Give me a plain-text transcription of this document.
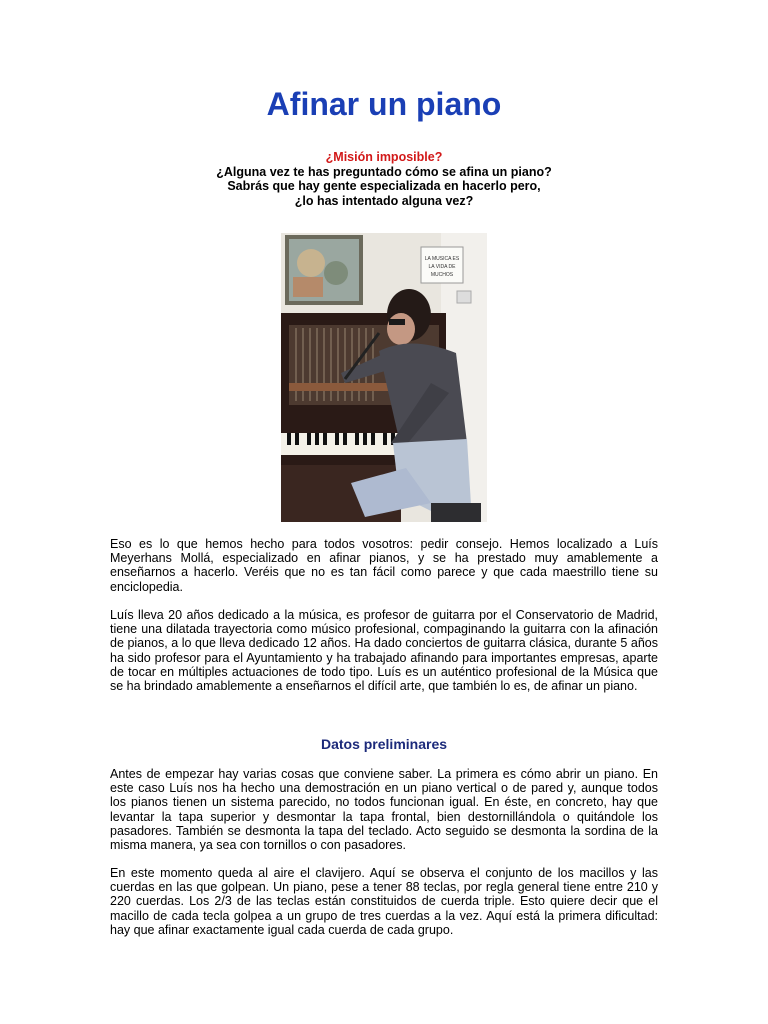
Afinar un piano
¿Misión imposible?
¿Alguna vez te has preguntado cómo se afina un piano?
Sabrás que hay gente especializada en hacerlo pero,
¿lo has intentado alguna vez?
LA MUSICA ES
LA VIDA DE
MUCHOS

Eso es lo que hemos hecho para todos vosotros: pedir consejo. Hemos localizado a Luís Meyerhans Mollá, especializado en afinar pianos, y se ha prestado muy amablemente a enseñarnos a hacerlo. Veréis que no es tan fácil como parece y que cada maestrillo tiene su enciclopedia.

Luís lleva 20 años dedicado a la música, es profesor de guitarra por el Conservatorio de Madrid, tiene una dilatada trayectoria como músico profesional, compaginando la guitarra con la afinación de pianos, a lo que lleva dedicado 12 años. Ha dado conciertos de guitarra clásica, durante 5 años ha sido profesor para el Ayuntamiento y ha trabajado afinando para importantes empresas, aparte de tocar en múltiples actuaciones de todo tipo. Luís es un auténtico profesional de la Música que se ha brindado amablemente a enseñarnos el difícil arte, que también lo es, de afinar un piano.

Datos preliminares

Antes de empezar hay varias cosas que conviene saber. La primera es cómo abrir un piano. En este caso Luís nos ha hecho una demostración en un piano vertical o de pared y, aunque todos los pianos tienen un sistema parecido, no todos funcionan igual. En éste, en concreto, hay que levantar la tapa superior y desmontar la tapa frontal, bien destornillándola o quitándole los pasadores. También se desmonta la tapa del teclado. Acto seguido se desmonta la sordina de la misma manera, ya sea con tornillos o con pasadores.

En este momento queda al aire el clavijero. Aquí se observa el conjunto de los macillos y las cuerdas en las que golpean. Un piano, pese a tener 88 teclas, por regla general tiene entre 210 y 220 cuerdas. Los 2/3 de las teclas están constituidos de cuerda triple. Esto quiere decir que el macillo de cada tecla golpea a un grupo de tres cuerdas a la vez. Aquí está la primera dificultad: hay que afinar exactamente igual cada cuerda de cada grupo.
